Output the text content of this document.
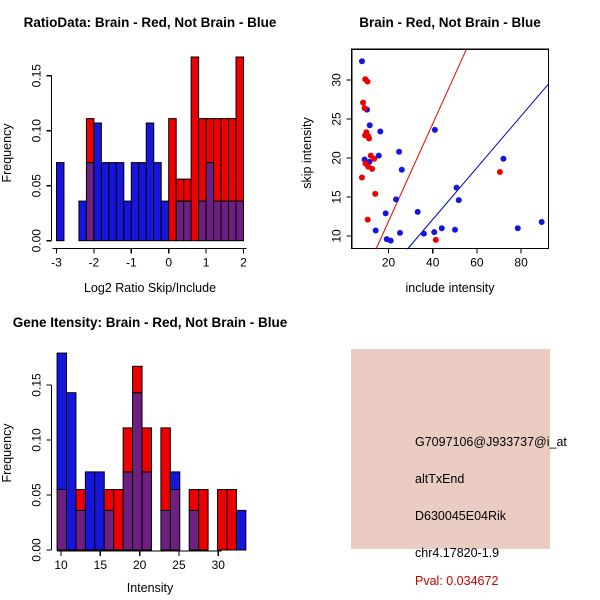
0.00
0.05
0.10
0.15
-3 -2 -1 0	1	2
RatioData: Brain - Red, Not Brain - Blue
Log2 Ratio Skip/Include
Frequency
20	40	60	80
10
15
20
25
30
Brain - Red, Not Brain - Blue
include intensity
skip intensity
0.00
0.05
0.10
0.15
10 15 20 25 30
Gene Itensity: Brain - Red, Not Brain - Blue
Intensity
Frequency	G7097106@J933737@i_at
altTxEnd
D630045E04Rik
chr4.17820-1.9
Pval: 0.034672
